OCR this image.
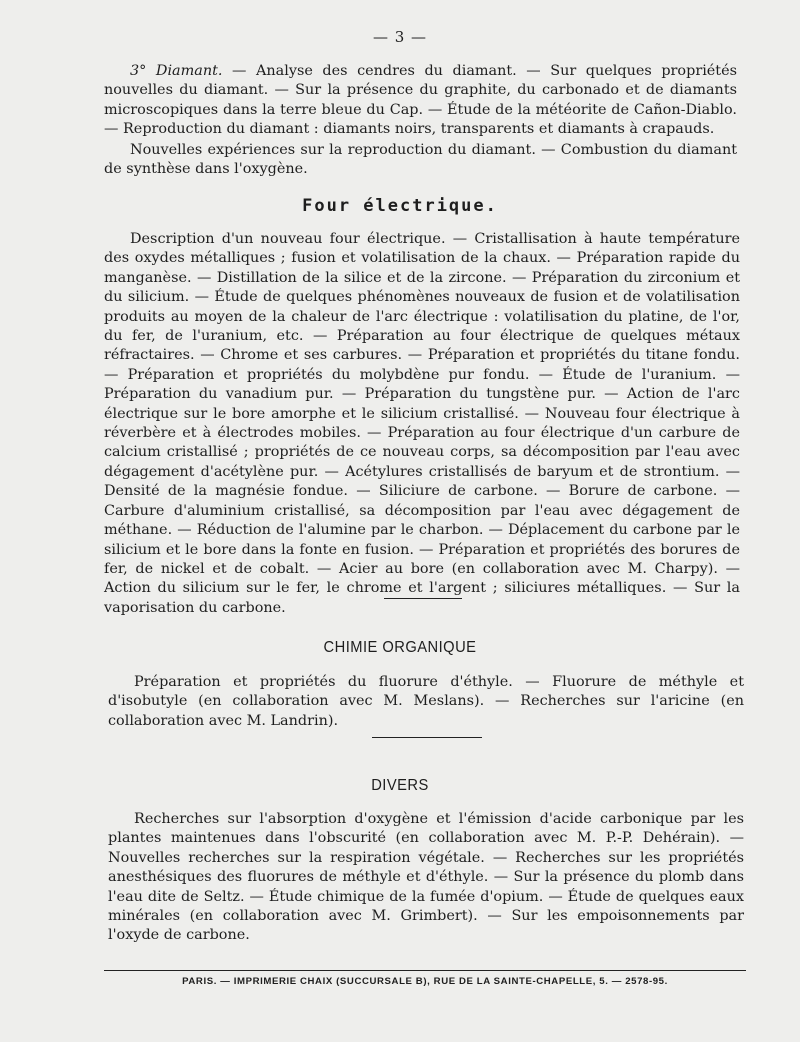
— 3 —

3° Diamant. — Analyse des cendres du diamant. — Sur quelques propriétés nouvelles du diamant. — Sur la présence du graphite, du carbonado et de diamants microscopiques dans la terre bleue du Cap. — Étude de la météorite de Cañon-Diablo. — Reproduction du diamant : diamants noirs, transparents et diamants à crapauds.

Nouvelles expériences sur la reproduction du diamant. — Combustion du diamant de synthèse dans l'oxygène.

Four électrique.

Description d'un nouveau four électrique. — Cristallisation à haute température des oxydes métalliques ; fusion et volatilisation de la chaux. — Préparation rapide du manganèse. — Distillation de la silice et de la zircone. — Préparation du zirconium et du silicium. — Étude de quelques phénomènes nouveaux de fusion et de volatilisation produits au moyen de la chaleur de l'arc électrique : volatilisation du platine, de l'or, du fer, de l'uranium, etc. — Préparation au four électrique de quelques métaux réfractaires. — Chrome et ses carbures. — Préparation et propriétés du titane fondu. — Préparation et propriétés du molybdène pur fondu. — Étude de l'uranium. — Préparation du vanadium pur. — Préparation du tungstène pur. — Action de l'arc électrique sur le bore amorphe et le silicium cristallisé. — Nouveau four électrique à réverbère et à électrodes mobiles. — Préparation au four électrique d'un carbure de calcium cristallisé ; propriétés de ce nouveau corps, sa décomposition par l'eau avec dégagement d'acétylène pur. — Acétylures cristallisés de baryum et de strontium. — Densité de la magnésie fondue. — Siliciure de carbone. — Borure de carbone. — Carbure d'aluminium cristallisé, sa décomposition par l'eau avec dégagement de méthane. — Réduction de l'alumine par le charbon. — Déplacement du carbone par le silicium et le bore dans la fonte en fusion. — Préparation et propriétés des borures de fer, de nickel et de cobalt. — Acier au bore (en collaboration avec M. Charpy). — Action du silicium sur le fer, le chrome et l'argent ; siliciures métalliques. — Sur la vaporisation du carbone.

CHIMIE ORGANIQUE

Préparation et propriétés du fluorure d'éthyle. — Fluorure de méthyle et d'isobutyle (en collaboration avec M. Meslans). — Recherches sur l'aricine (en collaboration avec M. Landrin).

DIVERS

Recherches sur l'absorption d'oxygène et l'émission d'acide carbonique par les plantes maintenues dans l'obscurité (en collaboration avec M. P.-P. Dehérain). — Nouvelles recherches sur la respiration végétale. — Recherches sur les propriétés anesthésiques des fluorures de méthyle et d'éthyle. — Sur la présence du plomb dans l'eau dite de Seltz. — Étude chimique de la fumée d'opium. — Étude de quelques eaux minérales (en collaboration avec M. Grimbert). — Sur les empoisonnements par l'oxyde de carbone.

PARIS. — IMPRIMERIE CHAIX (SUCCURSALE B), RUE DE LA SAINTE-CHAPELLE, 5. — 2578-95.
